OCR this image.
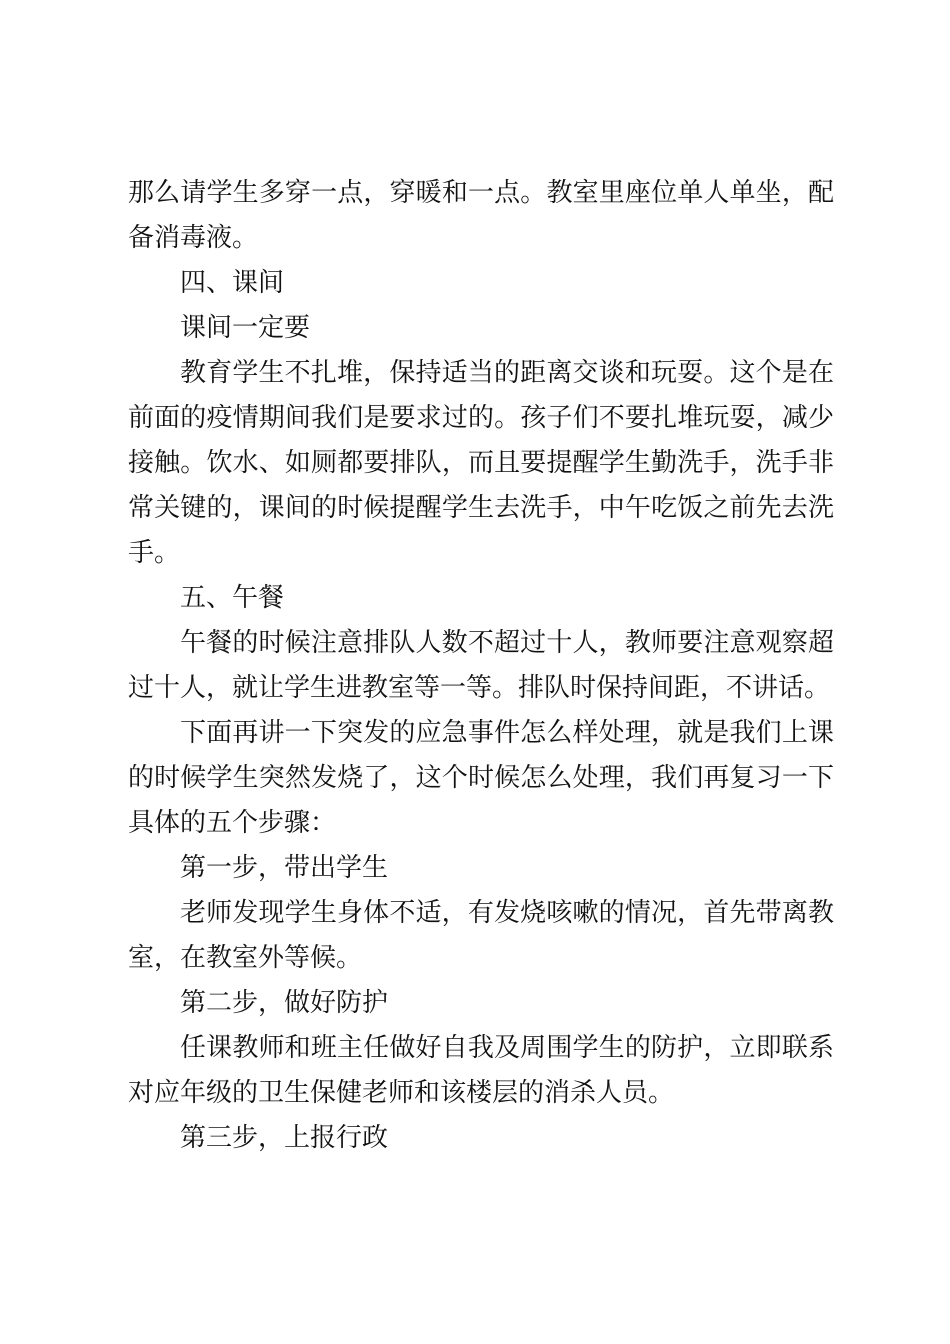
那么请学生多穿一点，穿暖和一点。教室里座位单人单坐，配备消毒液。

四、课间

课间一定要

教育学生不扎堆，保持适当的距离交谈和玩耍。这个是在前面的疫情期间我们是要求过的。孩子们不要扎堆玩耍，减少接触。饮水、如厕都要排队，而且要提醒学生勤洗手，洗手非常关键的，课间的时候提醒学生去洗手，中午吃饭之前先去洗手。

五、午餐

午餐的时候注意排队人数不超过十人，教师要注意观察超过十人，就让学生进教室等一等。排队时保持间距，不讲话。

下面再讲一下突发的应急事件怎么样处理，就是我们上课的时候学生突然发烧了，这个时候怎么处理，我们再复习一下具体的五个步骤：

第一步，带出学生

老师发现学生身体不适，有发烧咳嗽的情况，首先带离教室，在教室外等候。

第二步，做好防护

任课教师和班主任做好自我及周围学生的防护，立即联系对应年级的卫生保健老师和该楼层的消杀人员。

第三步，上报行政
